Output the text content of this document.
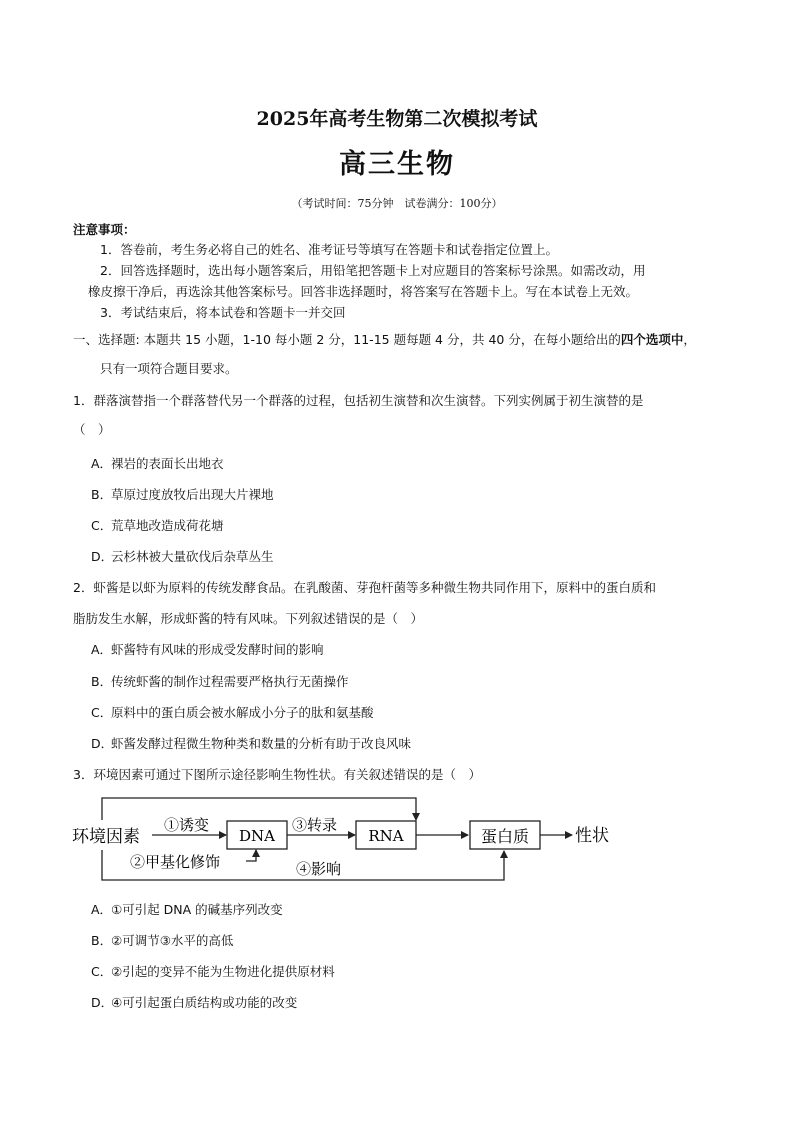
2025年高考生物第二次模拟考试
高三生物
（考试时间：75分钟　试卷满分：100分）
注意事项：
1．答卷前，考生务必将自己的姓名、准考证号等填写在答题卡和试卷指定位置上。
2．回答选择题时，选出每小题答案后，用铅笔把答题卡上对应题目的答案标号涂黑。如需改动，用
橡皮擦干净后，再选涂其他答案标号。回答非选择题时，将答案写在答题卡上。写在本试卷上无效。
3．考试结束后，将本试卷和答题卡一并交回
一、选择题: 本题共 15 小题，1-10 每小题 2 分，11-15 题每题 4 分，共 40 分，在每小题给出的四个选项中，
只有一项符合题目要求。
1．群落演替指一个群落替代另一个群落的过程，包括初生演替和次生演替。下列实例属于初生演替的是
（　）
A．裸岩的表面长出地衣
B．草原过度放牧后出现大片裸地
C．荒草地改造成荷花塘
D．云杉林被大量砍伐后杂草丛生
2．虾酱是以虾为原料的传统发酵食品。在乳酸菌、芽孢杆菌等多种微生物共同作用下，原料中的蛋白质和
脂肪发生水解，形成虾酱的特有风味。下列叙述错误的是（　）
A．虾酱特有风味的形成受发酵时间的影响
B．传统虾酱的制作过程需要严格执行无菌操作
C．原料中的蛋白质会被水解成小分子的肽和氨基酸
D．虾酱发酵过程微生物种类和数量的分析有助于改良风味
3．环境因素可通过下图所示途径影响生物性状。有关叙述错误的是（　）
环境因素	DNA	RNA	蛋白质	性状
①诱变
②甲基化修饰
③转录
④影响
A．①可引起 DNA 的碱基序列改变
B．②可调节③水平的高低
C．②引起的变异不能为生物进化提供原材料
D．④可引起蛋白质结构或功能的改变
